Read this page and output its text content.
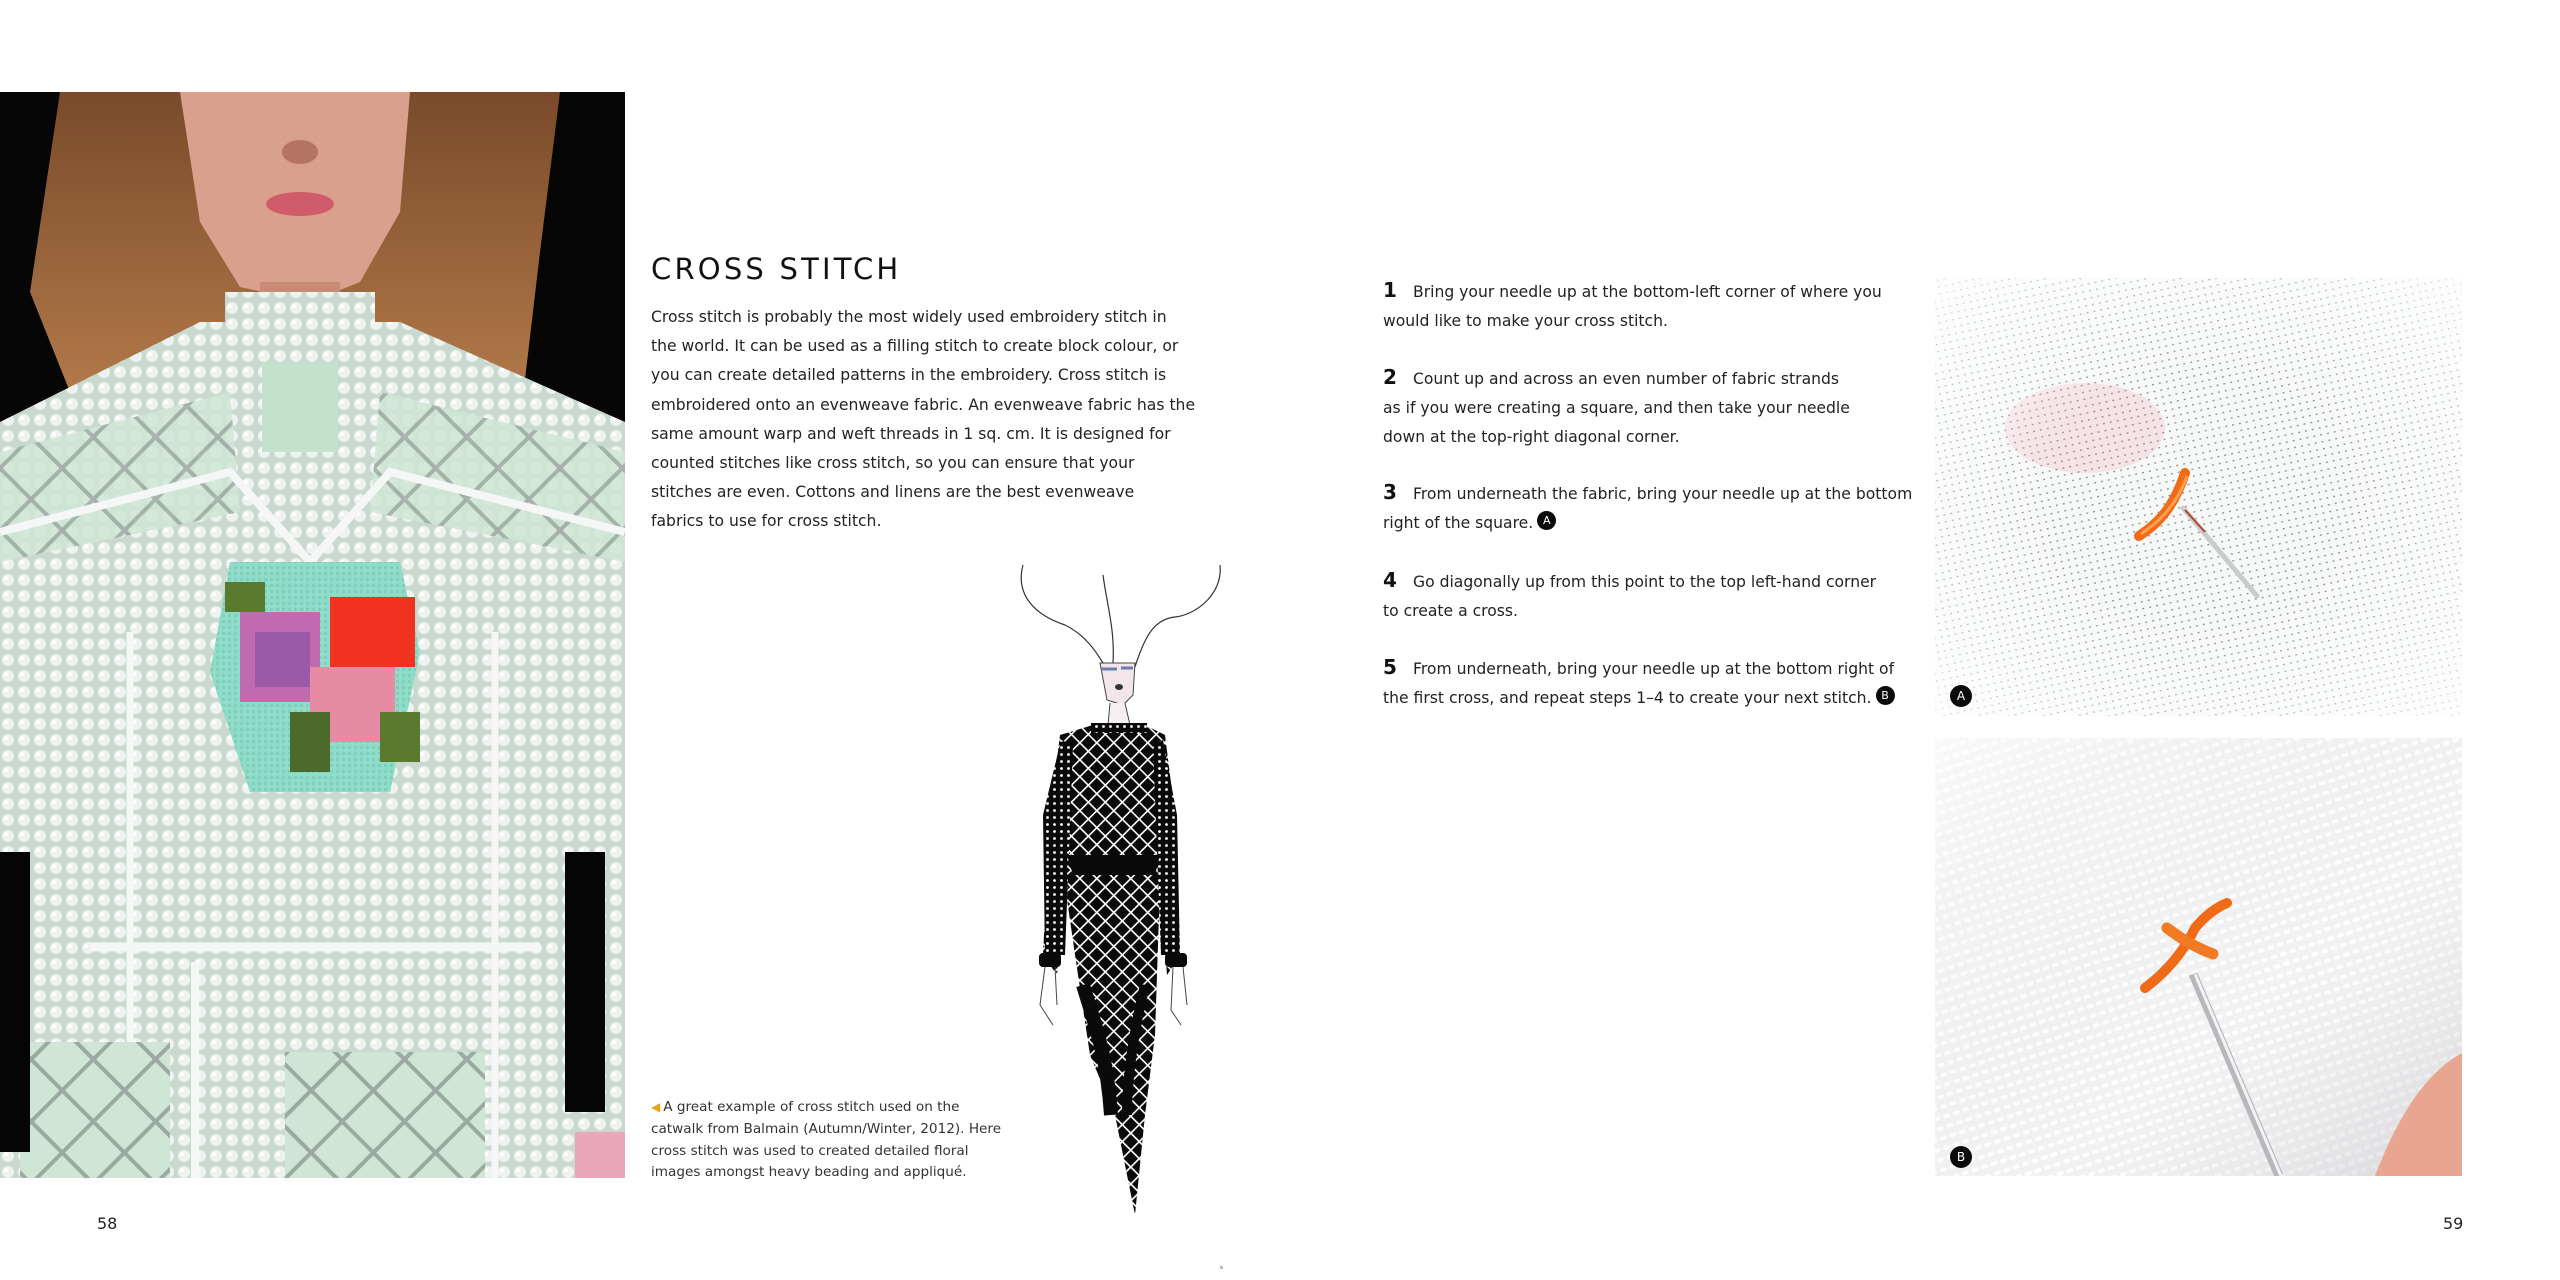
58
CROSS STITCH

Cross stitch is probably the most widely used embroidery stitch in
the world. It can be used as a filling stitch to create block colour, or
you can create detailed patterns in the embroidery. Cross stitch is
embroidered onto an evenweave fabric. An evenweave fabric has the
same amount warp and weft threads in 1 sq. cm. It is designed for
counted stitches like cross stitch, so you can ensure that your
stitches are even. Cottons and linens are the best evenweave
fabrics to use for cross stitch.

◀ A great example of cross stitch used on the
catwalk from Balmain (Autumn/Winter, 2012). Here
cross stitch was used to created detailed floral
images amongst heavy beading and appliqué.

1 Bring your needle up at the bottom-left corner of where you
would like to make your cross stitch.
2 Count up and across an even number of fabric strands
as if you were creating a square, and then take your needle
down at the top-right diagonal corner.
3 From underneath the fabric, bring your needle up at the bottom
right of the square. A
4 Go diagonally up from this point to the top left-hand corner
to create a cross.
5 From underneath, bring your needle up at the bottom right of
the first cross, and repeat steps 1–4 to create your next stitch. B	A
B
59
